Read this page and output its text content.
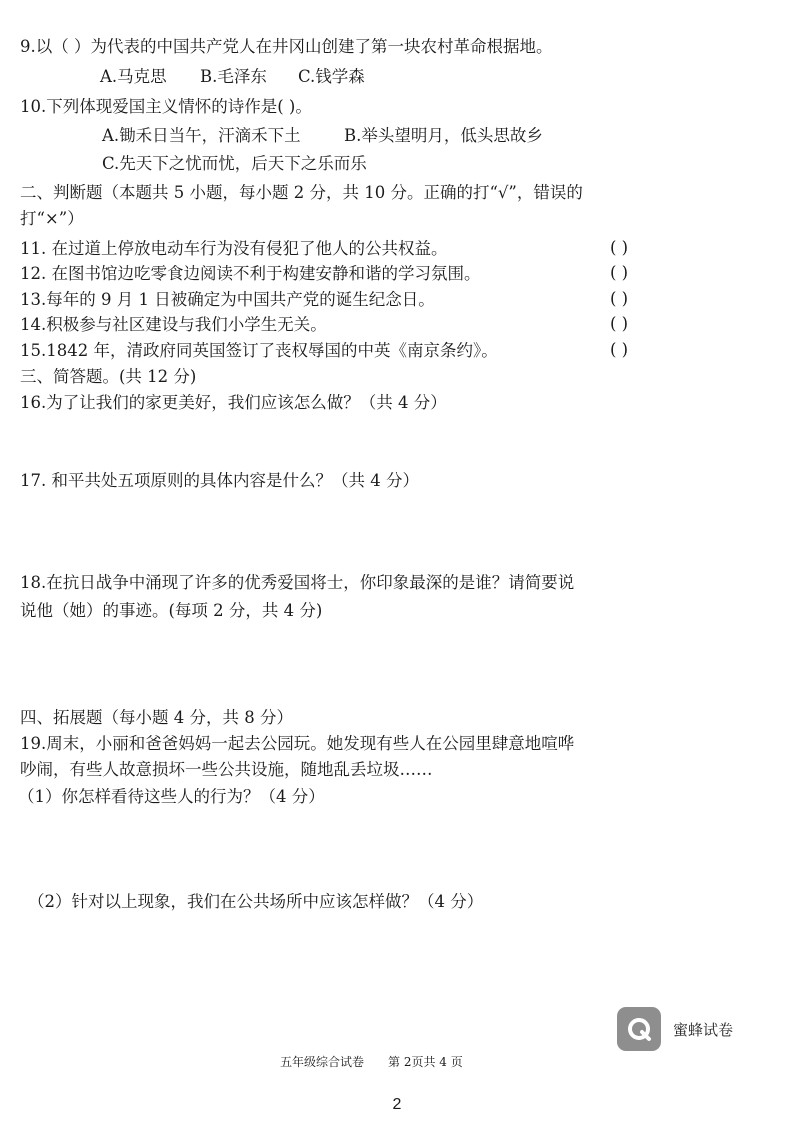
9.以（ ）为代表的中国共产党人在井冈山创建了第一块农村革命根据地。
A.马克思 B.毛泽东 C.钱学森
10.下列体现爱国主义情怀的诗作是( )。
A.锄禾日当午，汗滴禾下土	B.举头望明月，低头思故乡
C.先天下之忧而忧，后天下之乐而乐
二、判断题（本题共 5 小题，每小题 2 分，共 10 分。正确的打“√”，错误的
打“×”）
11. 在过道上停放电动车行为没有侵犯了他人的公共权益。	( )
12. 在图书馆边吃零食边阅读不利于构建安静和谐的学习氛围。	( )
13.每年的 9 月 1 日被确定为中国共产党的诞生纪念日。	( )
14.积极参与社区建设与我们小学生无关。	( )
15.1842 年，清政府同英国签订了丧权辱国的中英《南京条约》。	( )
三、简答题。(共 12 分)
16.为了让我们的家更美好，我们应该怎么做？（共 4 分）
17. 和平共处五项原则的具体内容是什么？（共 4 分）
18.在抗日战争中涌现了许多的优秀爱国将士，你印象最深的是谁？请简要说
说他（她）的事迹。(每项 2 分，共 4 分)
四、拓展题（每小题 4 分，共 8 分）
19.周末，小丽和爸爸妈妈一起去公园玩。她发现有些人在公园里肆意地喧哗
吵闹，有些人故意损坏一些公共设施，随地乱丢垃圾……
（1）你怎样看待这些人的行为？（4 分）
（2）针对以上现象，我们在公共场所中应该怎样做？（4 分）
蜜蜂试卷
五年级综合试卷 第 2页共 4 页
2
